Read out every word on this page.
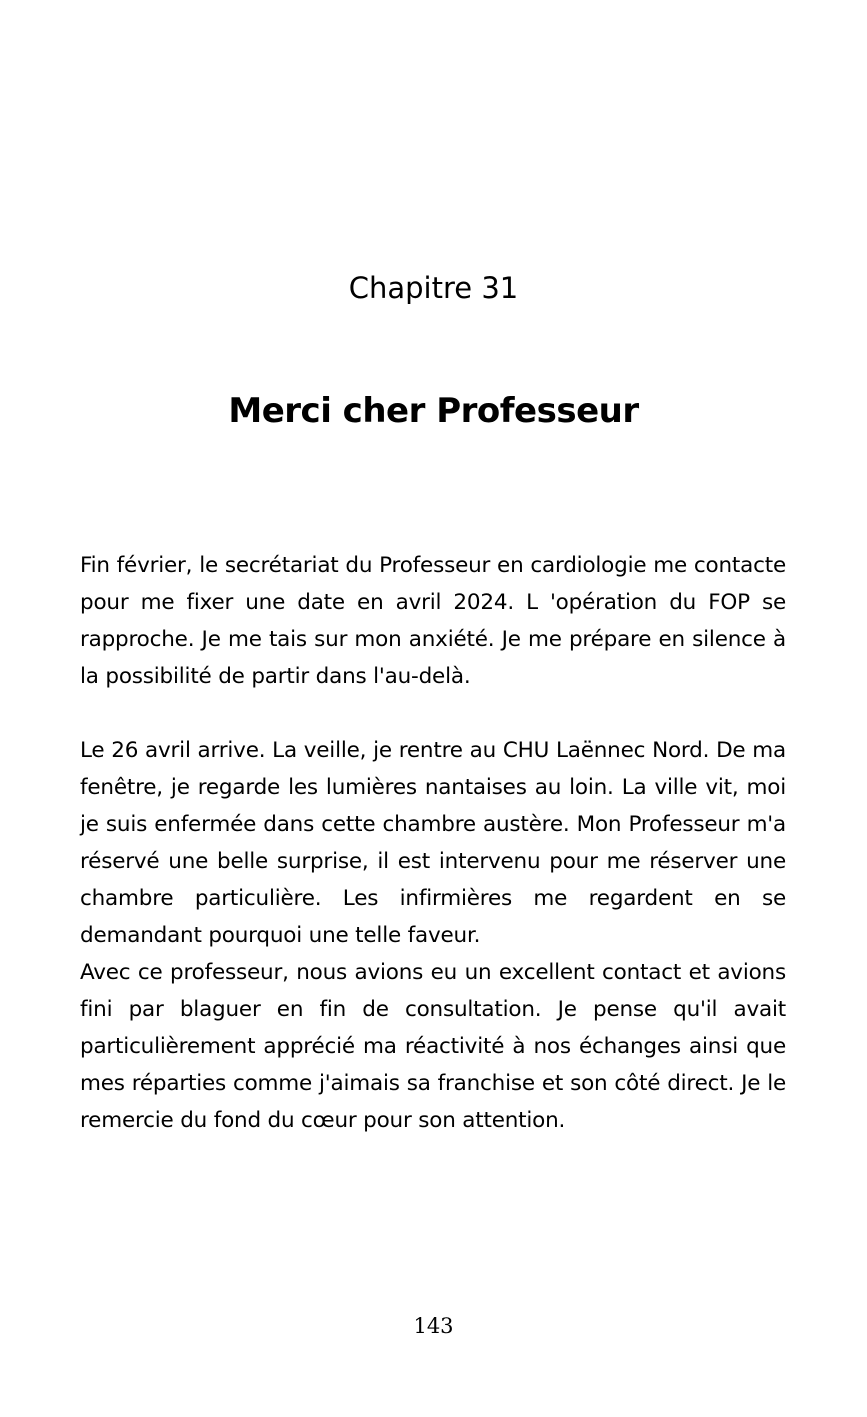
Chapitre 31
Merci cher Professeur

Fin février, le secrétariat du Professeur en cardiologie me contacte pour me fixer une date en avril 2024. L 'opération du FOP se rapproche. Je me tais sur mon anxiété. Je me prépare en silence à la possibilité de partir dans l'au-delà.

Le 26 avril arrive. La veille, je rentre au CHU Laënnec Nord. De ma fenêtre, je regarde les lumières nantaises au loin. La ville vit, moi je suis enfermée dans cette chambre austère. Mon Professeur m'a réservé une belle surprise, il est intervenu pour me réserver une chambre particulière. Les infirmières me regardent en se demandant pourquoi une telle faveur.

Avec ce professeur, nous avions eu un excellent contact et avions fini par blaguer en fin de consultation. Je pense qu'il avait particulièrement apprécié ma réactivité à nos échanges ainsi que mes réparties comme j'aimais sa franchise et son côté direct. Je le remercie du fond du cœur pour son attention.

143
